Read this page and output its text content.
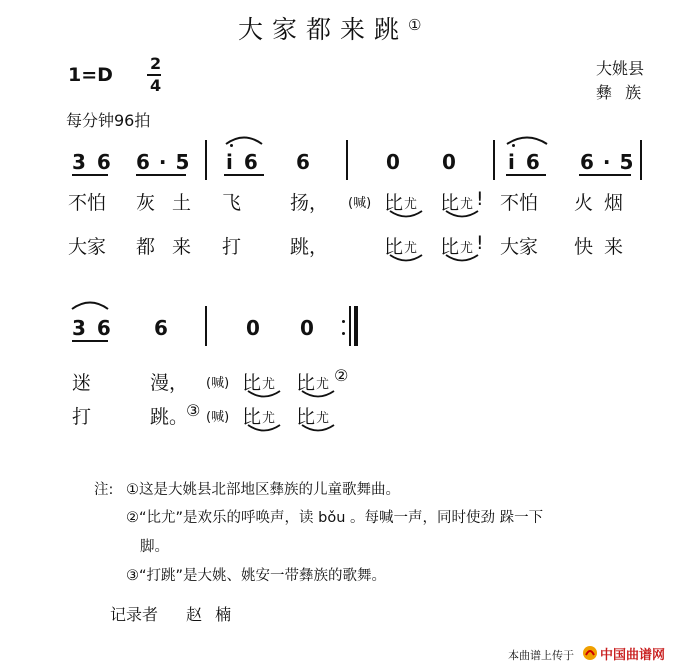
大家都来跳①
1=D
2
4
大姚县
彝 族
每分钟96拍
3 6 6 · 5 i 6 6	0 0	i 6 6 · 5
不怕 灰 土 飞	扬， (喊) 比 尤 比 尤 ! 不怕 火 烟
大家 都 来 打	跳，	比 尤 比 尤 ! 大家 快 来
3 6 6	0 0
迷	漫， (喊) 比 尤 比 尤 ②
打	跳。
③ (喊) 比 尤 比 尤
注: ①这是大姚县北部地区彝族的儿童歌舞曲。
②“比尤”是欢乐的呼唤声，读 bǒu 。每喊一声，同时使劲 跺一下
脚。
③“打跳”是大姚、姚安一带彝族的歌舞。
记录者 赵 楠
本曲谱上传于 中国曲谱网
